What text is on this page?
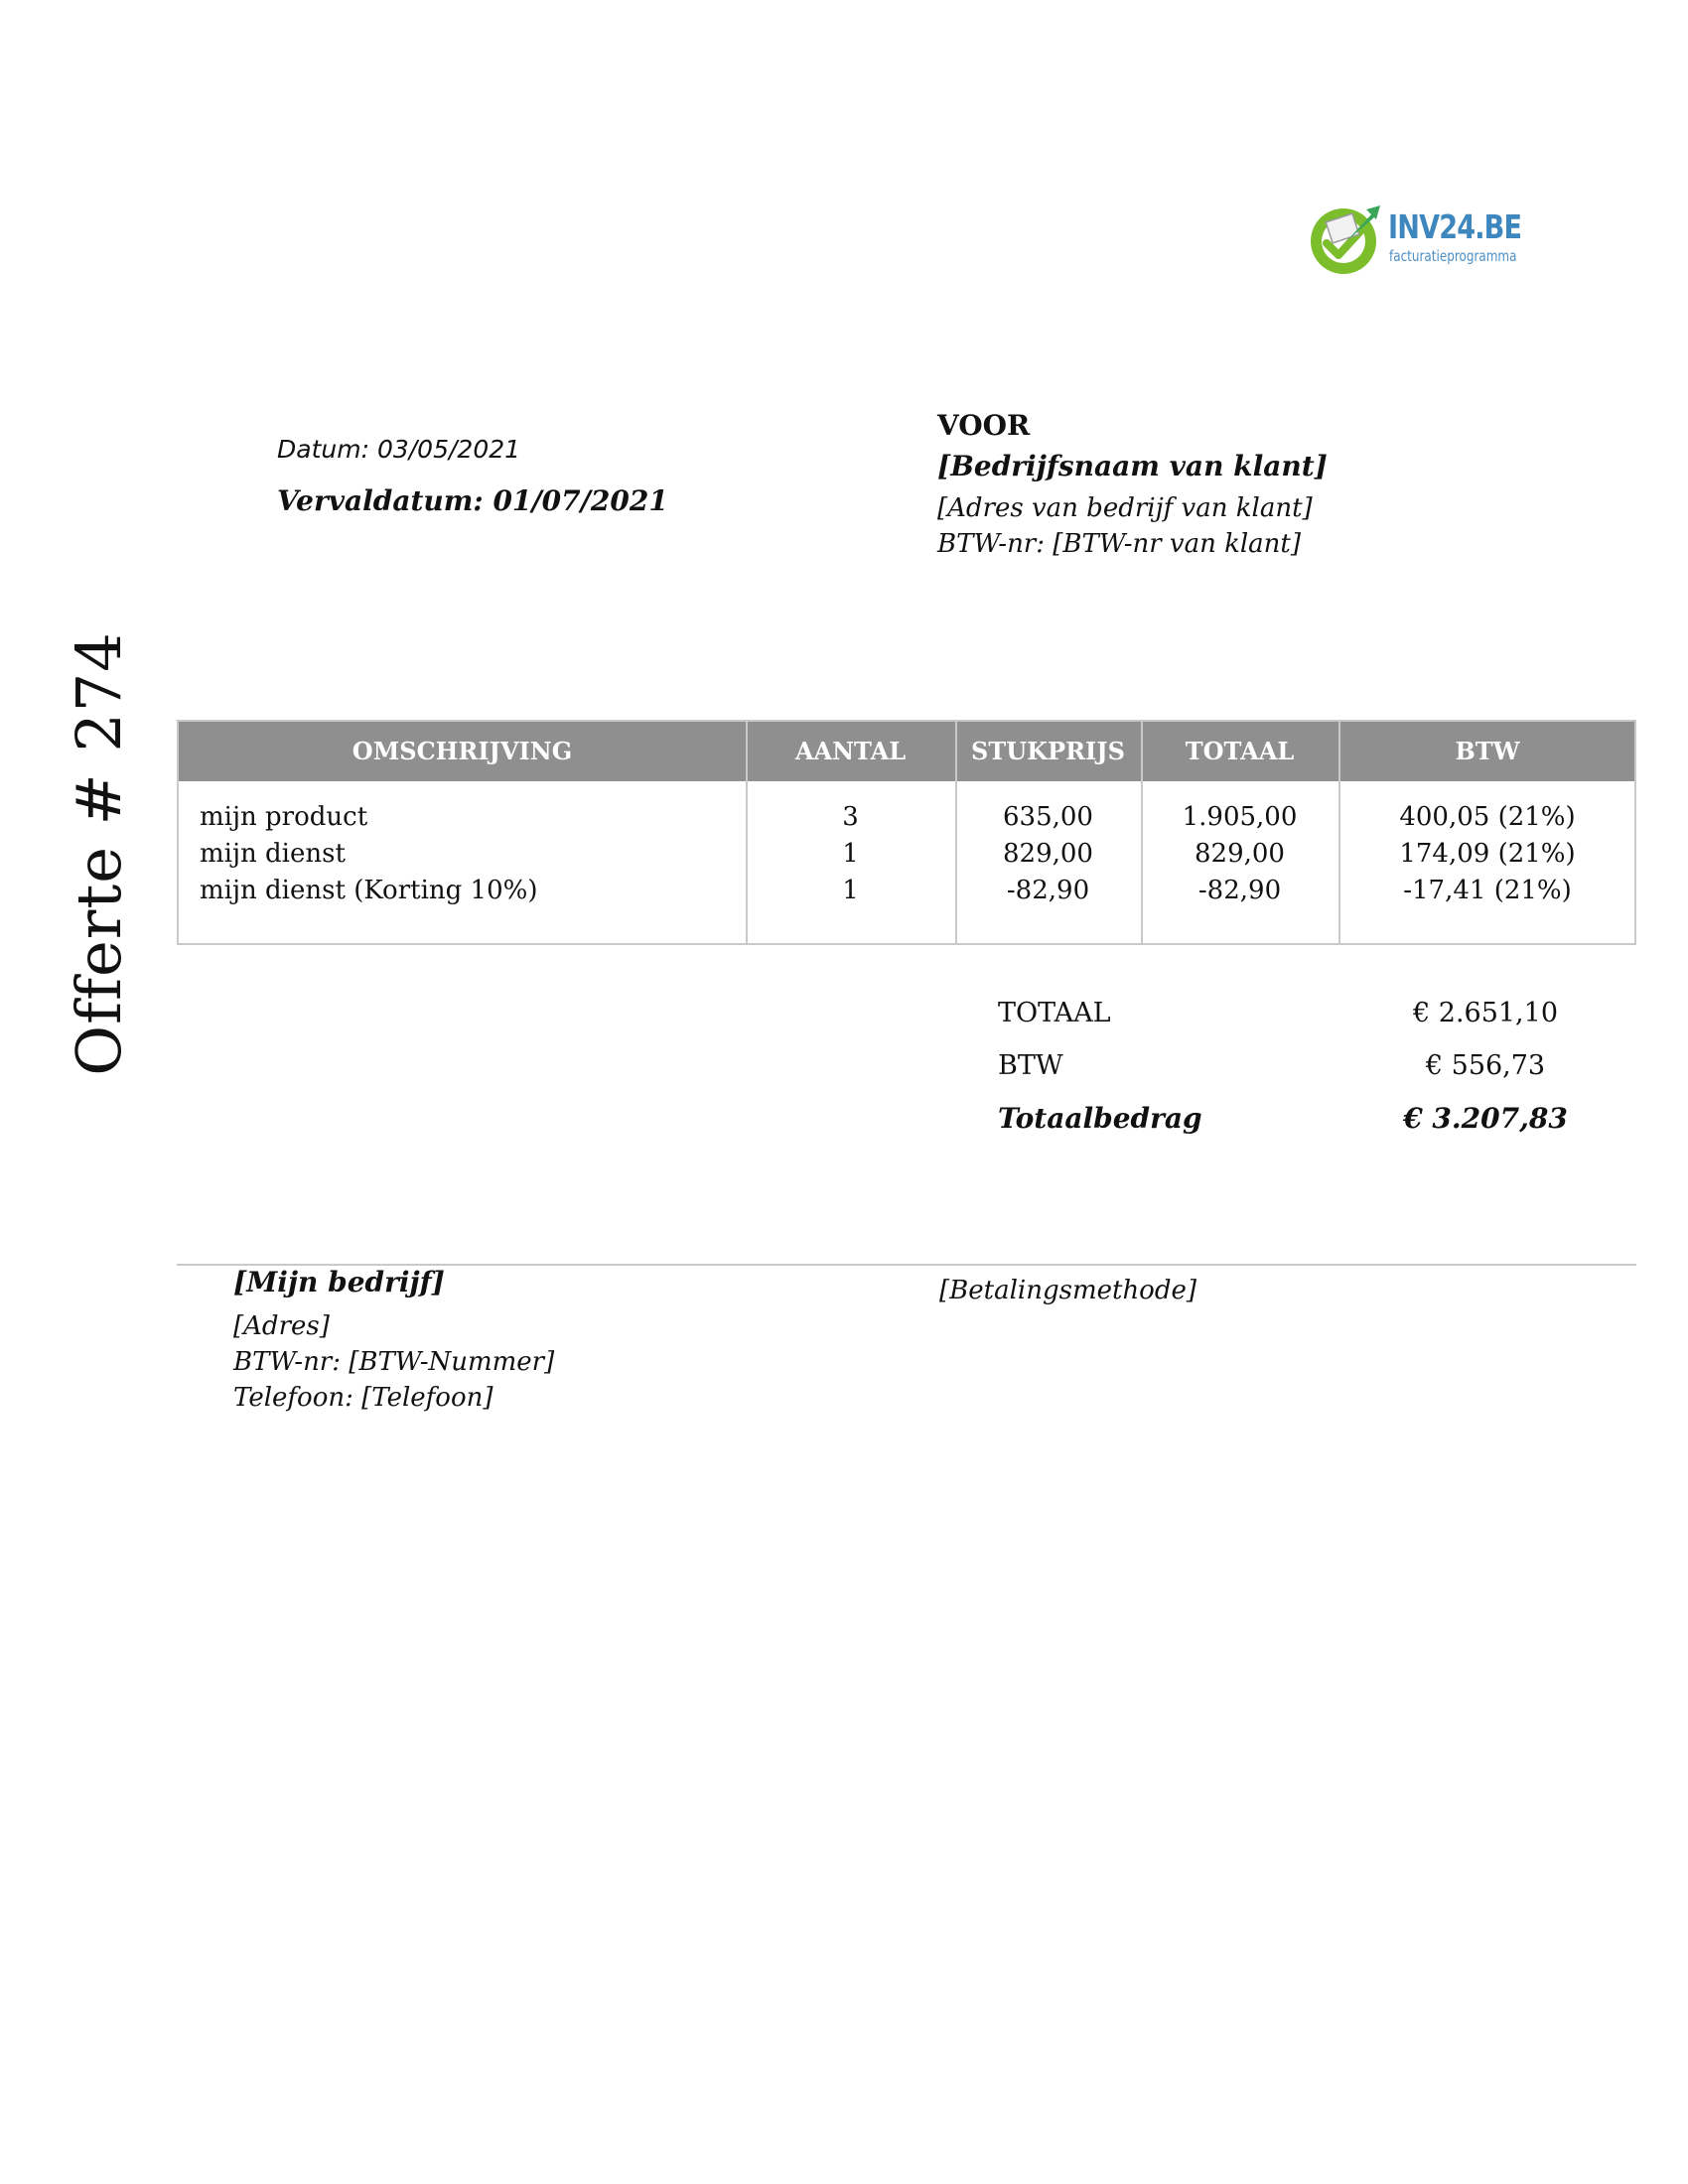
INV24.BE
facturatieprogramma
Offerte # 274
Datum: 03/05/2021
Vervaldatum: 01/07/2021
VOOR
[Bedrijfsnaam van klant]
[Adres van bedrijf van klant]
BTW-nr: [BTW-nr van klant]
OMSCHRIJVING	AANTAL	STUKPRIJS	TOTAAL	BTW
mijn product	3	635,00	1.905,00	400,05 (21%)
mijn dienst	1	829,00	829,00	174,09 (21%)
mijn dienst (Korting 10%)	1	-82,90	-82,90	-17,41 (21%)
TOTAAL	€ 2.651,10
BTW	€ 556,73
Totaalbedrag	€ 3.207,83
[Mijn bedrijf]
[Adres]
BTW-nr: [BTW-Nummer]
Telefoon: [Telefoon]
[Betalingsmethode]
